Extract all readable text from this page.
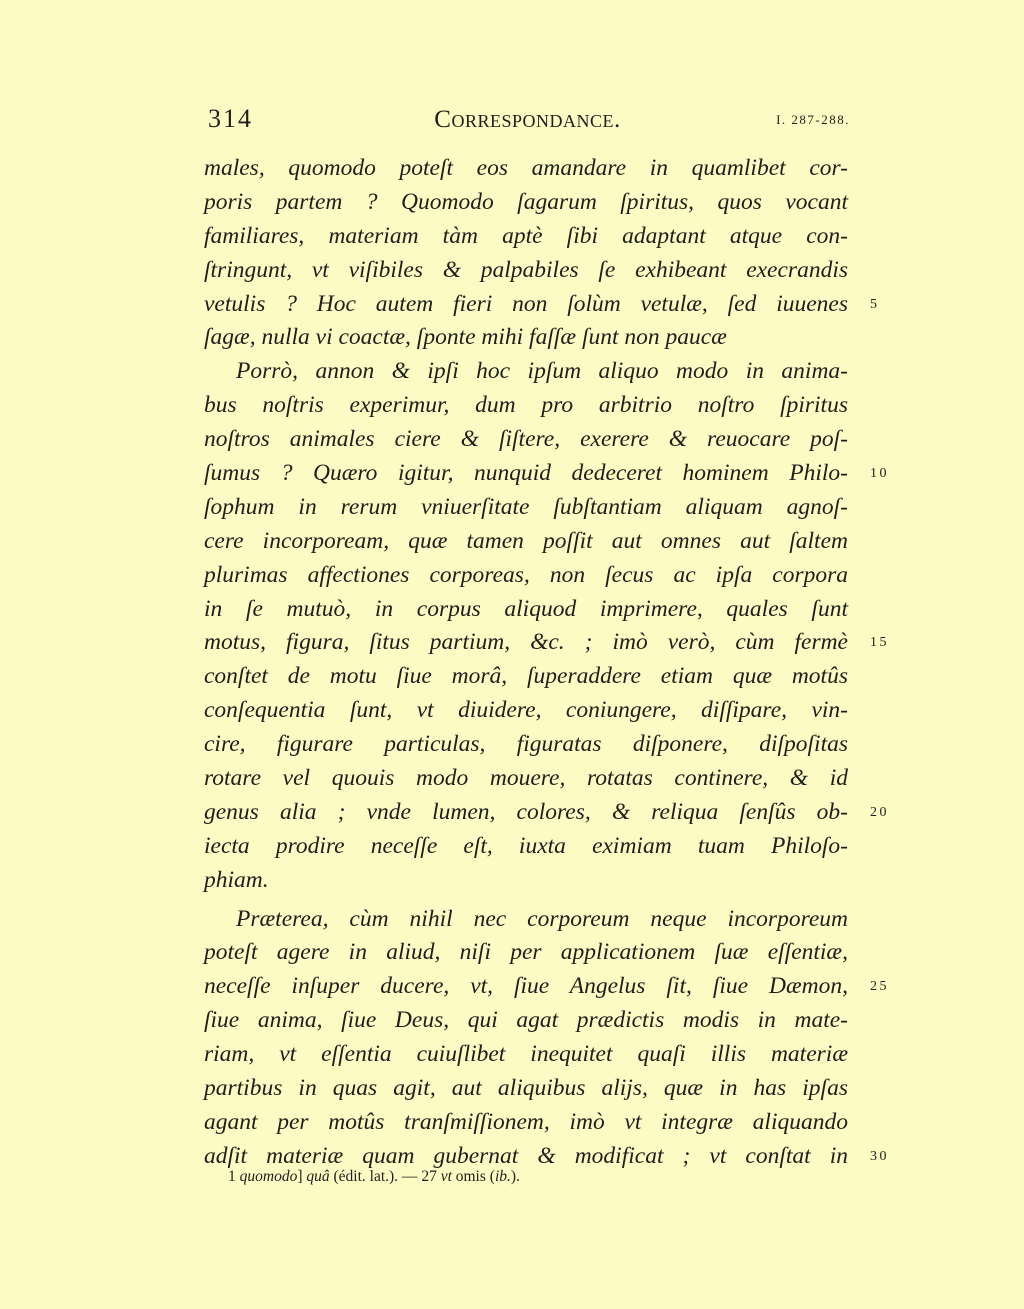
314	Correspondance.	I. 287-288.
males, quomodo poteſt eos amandare in quamlibet cor-
poris partem ? Quomodo ſagarum ſpiritus, quos vocant
familiares, materiam tàm aptè ſibi adaptant atque con-
ſtringunt, vt viſibiles & palpabiles ſe exhibeant execrandis
vetulis ? Hoc autem fieri non ſolùm vetulæ, ſed iuuenes 5
ſagæ, nulla vi coactæ, ſponte mihi faſſæ ſunt non paucæ
Porrò, annon & ipſi hoc ipſum aliquo modo in anima-
bus noſtris experimur, dum pro arbitrio noſtro ſpiritus
noſtros animales ciere & ſiſtere, exerere & reuocare poſ-
ſumus ? Quæro igitur, nunquid dedeceret hominem Philo- 10
ſophum in rerum vniuerſitate ſubſtantiam aliquam agnoſ-
cere incorpoream, quæ tamen poſſit aut omnes aut ſaltem
plurimas affectiones corporeas, non ſecus ac ipſa corpora
in ſe mutuò, in corpus aliquod imprimere, quales ſunt
motus, figura, ſitus partium, &c. ; imò verò, cùm fermè 15
conſtet de motu ſiue morâ, ſuperaddere etiam quæ motûs
conſequentia ſunt, vt diuidere, coniungere, diſſipare, vin-
cire, figurare particulas, figuratas diſponere, diſpoſitas
rotare vel quouis modo mouere, rotatas continere, & id
genus alia ; vnde lumen, colores, & reliqua ſenſûs ob- 20
iecta prodire neceſſe eſt, iuxta eximiam tuam Philoſo-
phiam.
Præterea, cùm nihil nec corporeum neque incorporeum
poteſt agere in aliud, niſi per applicationem ſuæ eſſentiæ,
neceſſe inſuper ducere, vt, ſiue Angelus ſit, ſiue Dæmon, 25
ſiue anima, ſiue Deus, qui agat prædictis modis in mate-
riam, vt eſſentia cuiuſlibet inequitet quaſi illis materiæ
partibus in quas agit, aut aliquibus alijs, quæ in has ipſas
agant per motûs tranſmiſſionem, imò vt integræ aliquando
adſit materiæ quam gubernat & modificat ; vt conſtat in 30
1 quomodo] quâ (édit. lat.). — 27 vt omis (ib.).
